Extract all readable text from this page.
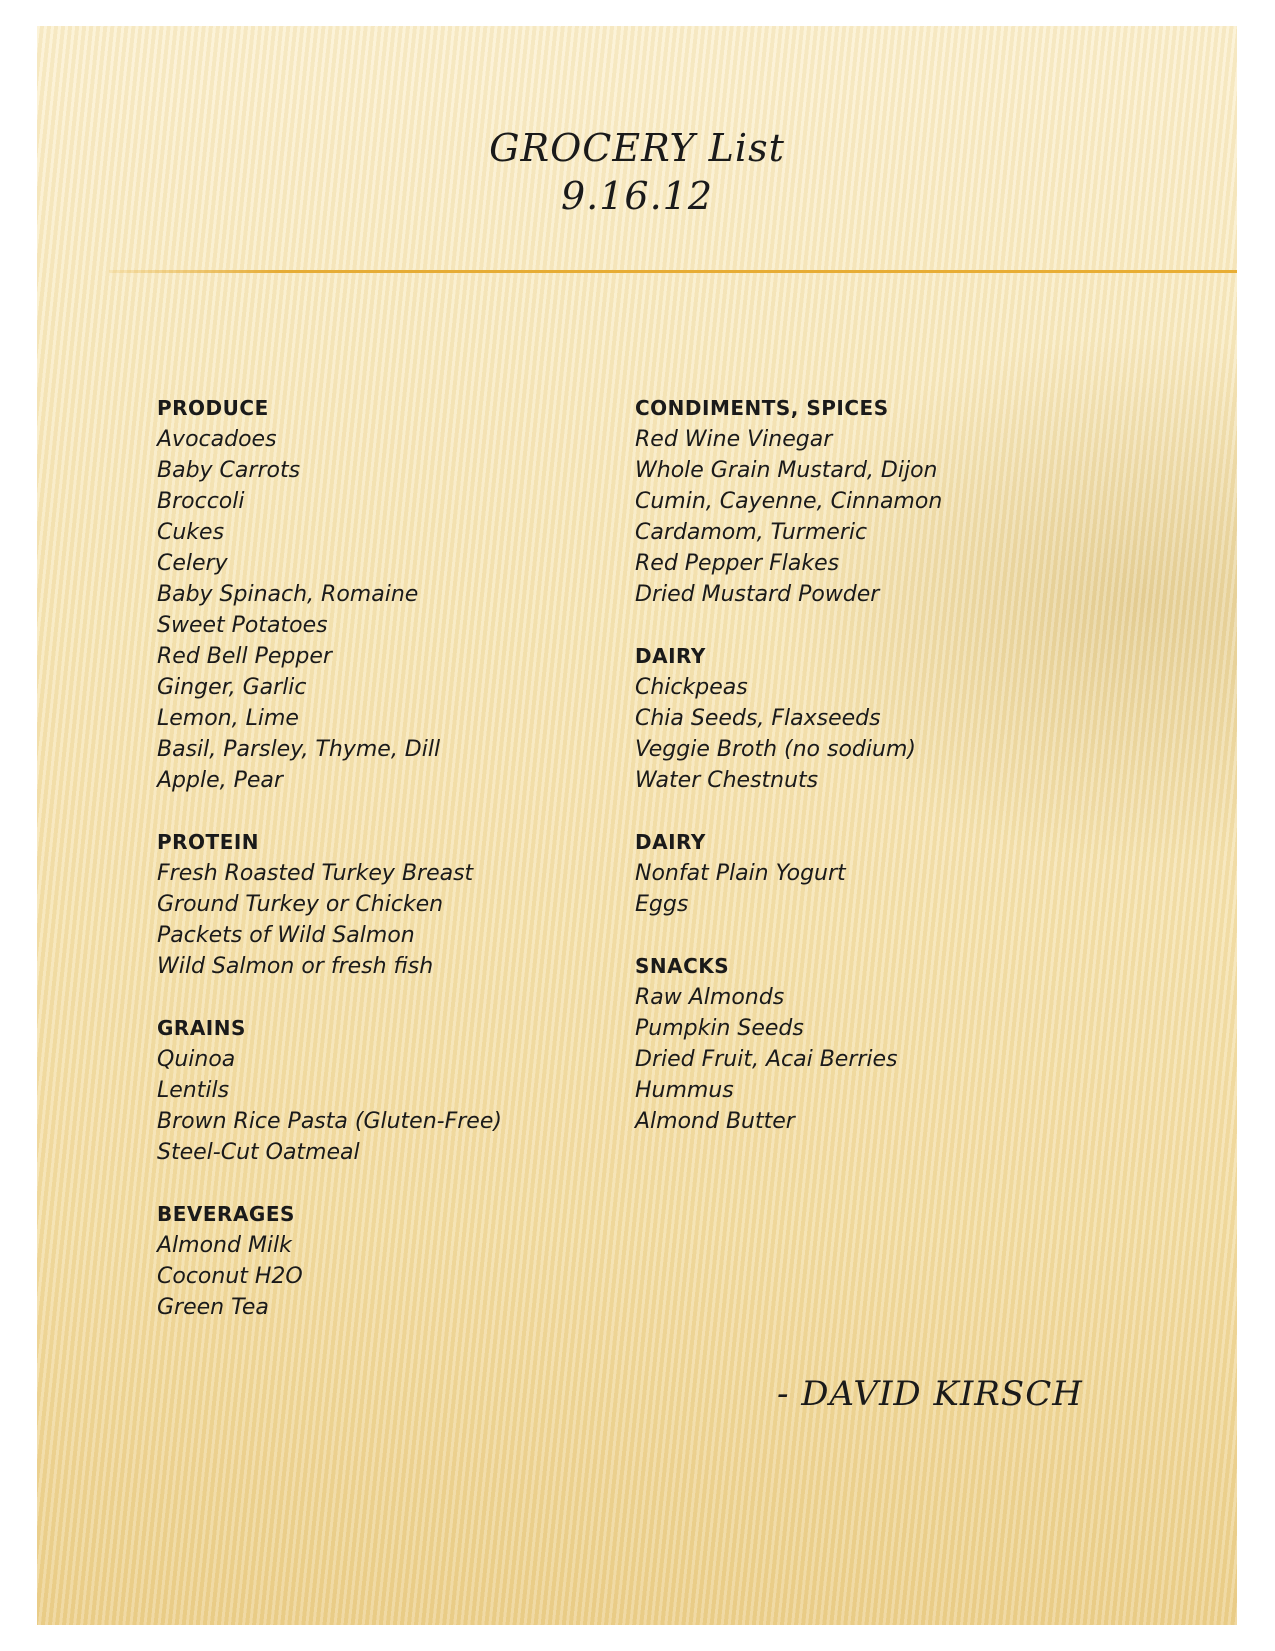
GROCERY List
9.16.12
PRODUCE
Avocadoes
Baby Carrots
Broccoli
Cukes
Celery
Baby Spinach, Romaine
Sweet Potatoes
Red Bell Pepper
Ginger, Garlic
Lemon, Lime
Basil, Parsley, Thyme, Dill
Apple, Pear
PROTEIN
Fresh Roasted Turkey Breast
Ground Turkey or Chicken
Packets of Wild Salmon
Wild Salmon or fresh fish
GRAINS
Quinoa
Lentils
Brown Rice Pasta (Gluten-Free)
Steel-Cut Oatmeal
BEVERAGES
Almond Milk
Coconut H2O
Green Tea
CONDIMENTS, SPICES
Red Wine Vinegar
Whole Grain Mustard, Dijon
Cumin, Cayenne, Cinnamon
Cardamom, Turmeric
Red Pepper Flakes
Dried Mustard Powder
DAIRY
Chickpeas
Chia Seeds, Flaxseeds
Veggie Broth (no sodium)
Water Chestnuts
DAIRY
Nonfat Plain Yogurt
Eggs
SNACKS
Raw Almonds
Pumpkin Seeds
Dried Fruit, Acai Berries
Hummus
Almond Butter
- DAVID KIRSCH
